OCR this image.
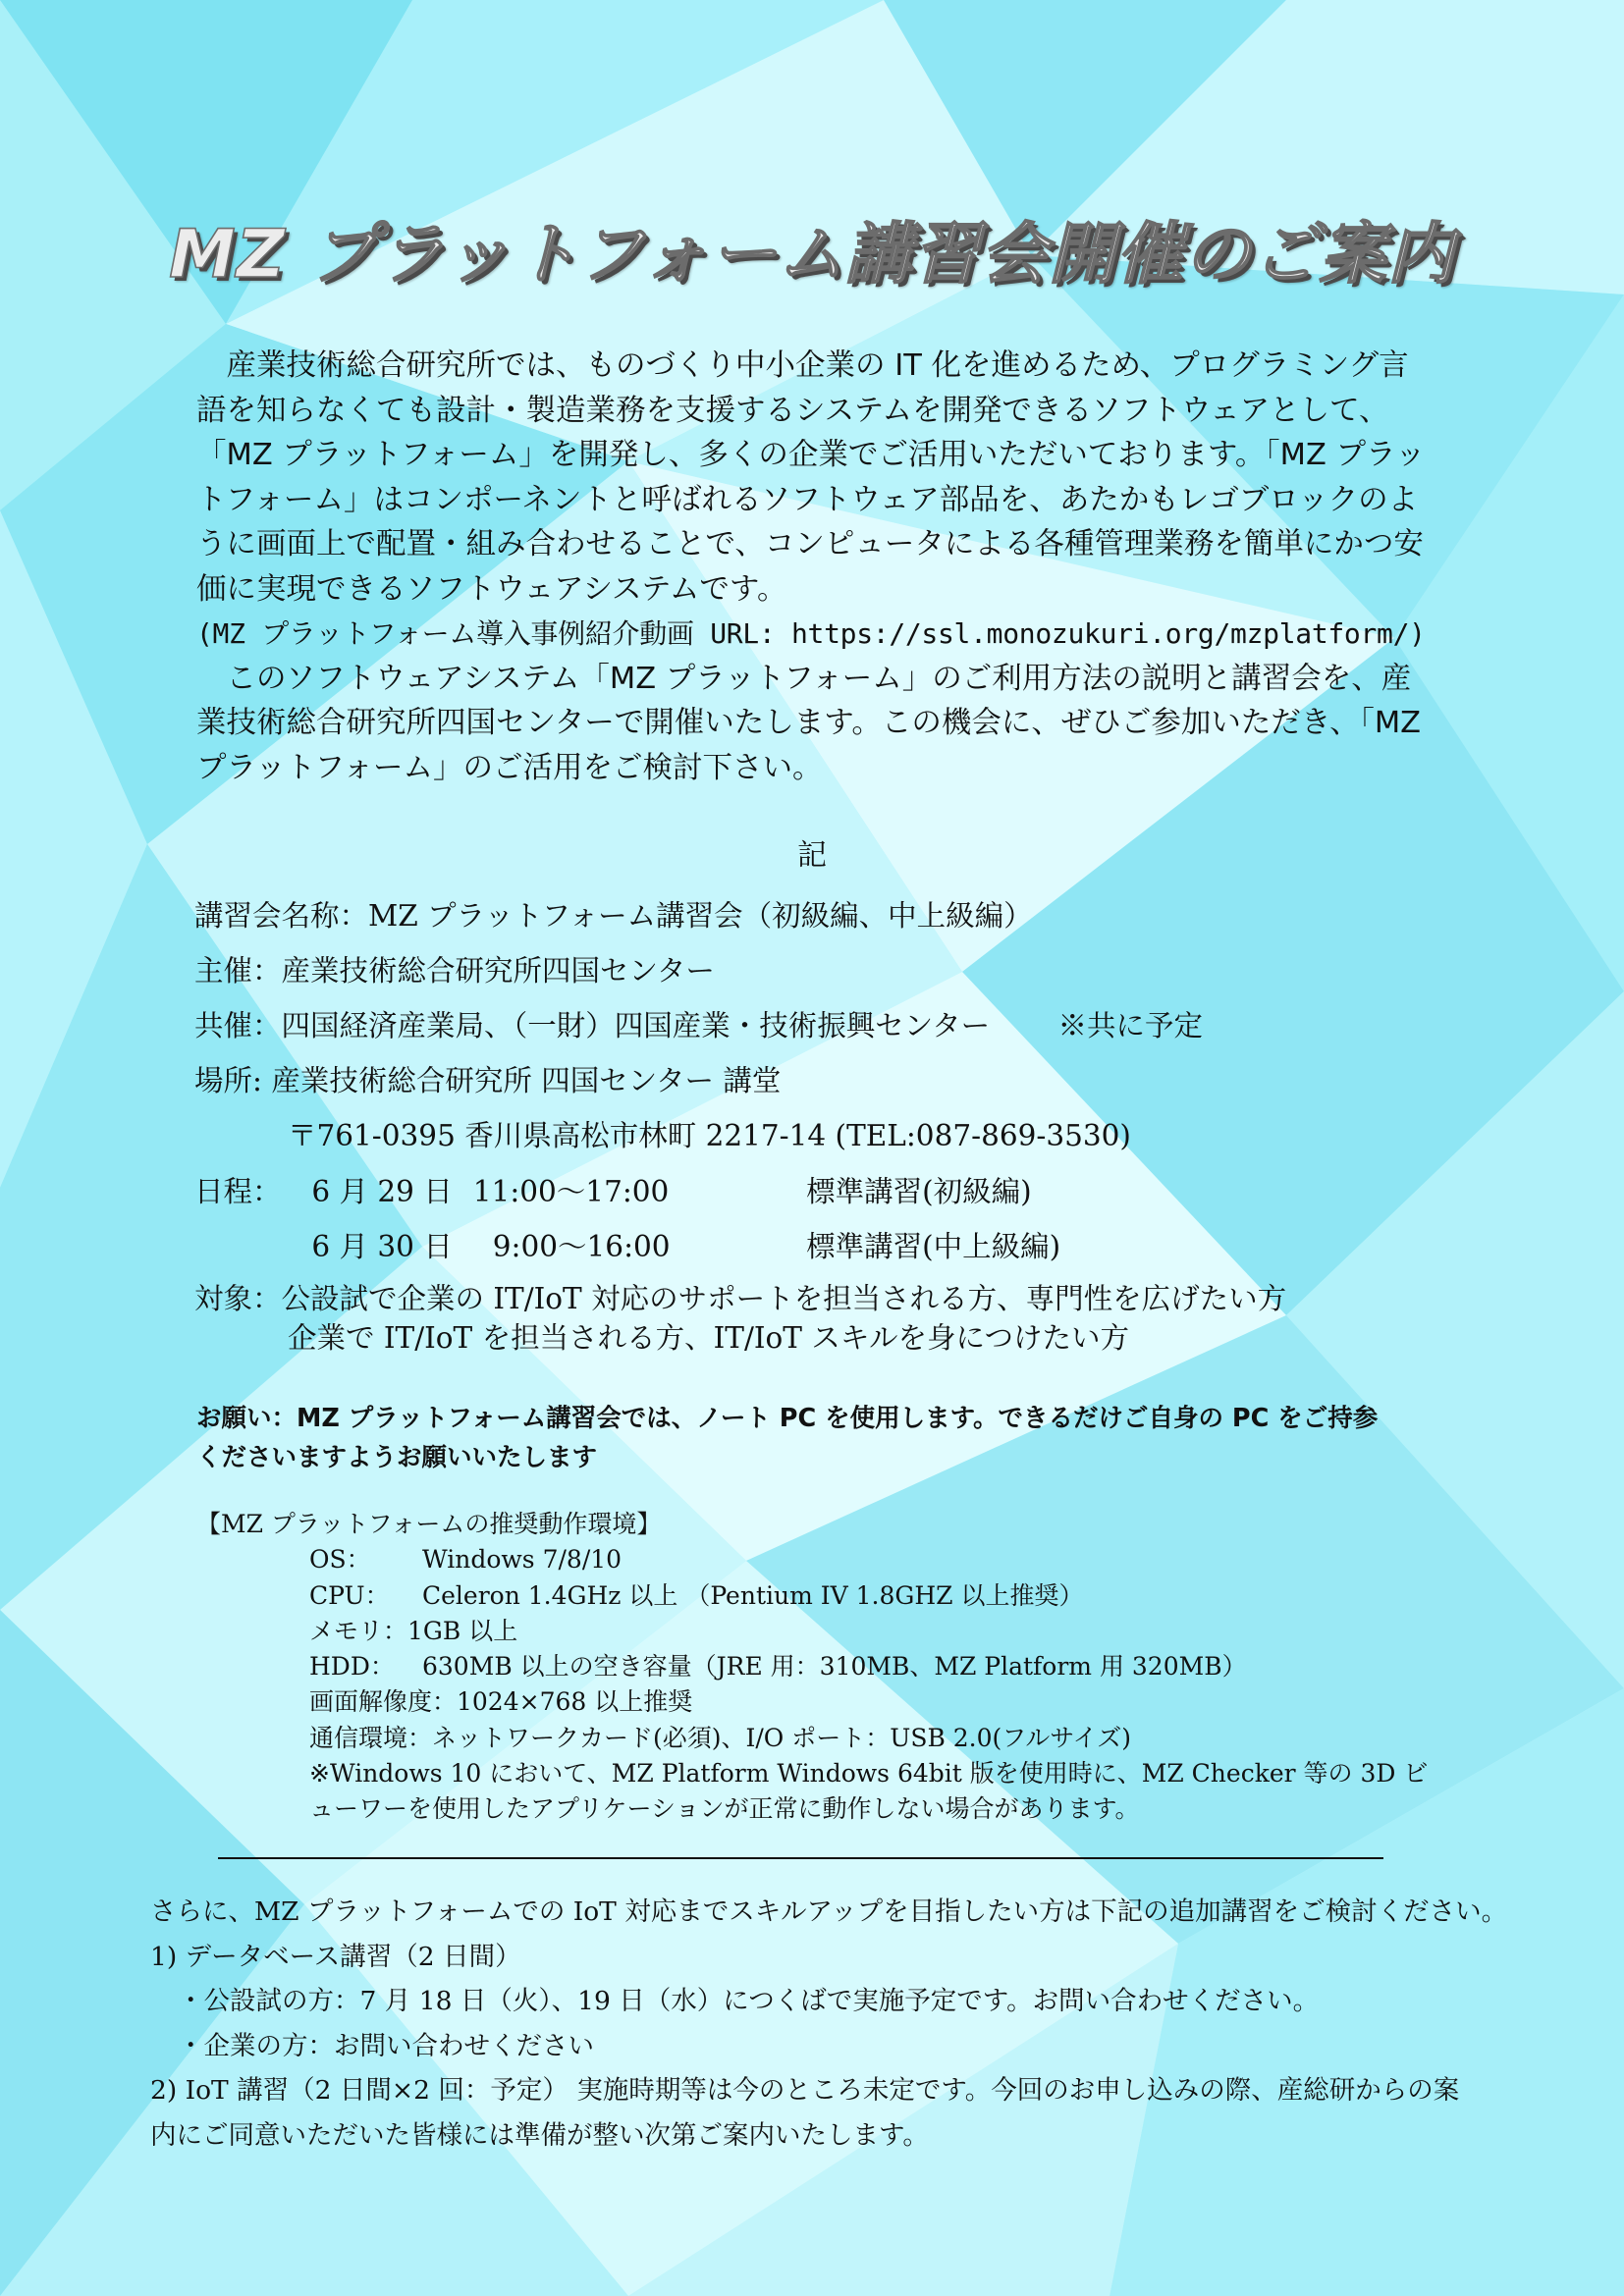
MZ プラットフォーム講習会開催のご案内

産業技術総合研究所では、ものづくり中小企業の IT 化を進めるため、プログラミング言語を知らなくても設計・製造業務を支援するシステムを開発できるソフトウェアとして、「MZ プラットフォーム」を開発し、多くの企業でご活用いただいております。「MZ プラットフォーム」はコンポーネントと呼ばれるソフトウェア部品を、あたかもレゴブロックのように画面上で配置・組み合わせることで、コンピュータによる各種管理業務を簡単にかつ安価に実現できるソフトウェアシステムです。

(MZ プラットフォーム導入事例紹介動画 URL: https://ssl.monozukuri.org/mzplatform/)

このソフトウェアシステム「MZ プラットフォーム」のご利用方法の説明と講習会を、産業技術総合研究所四国センターで開催いたします。この機会に、ぜひご参加いただき、「MZ プラットフォーム」のご活用をご検討下さい。

記
講習会名称：MZ プラットフォーム講習会（初級編、中上級編）
主催：産業技術総合研究所四国センター
共催：四国経済産業局、（一財）四国産業・技術振興センター ※共に予定
場所: 産業技術総合研究所 四国センター 講堂
〒761-0395 香川県高松市林町 2217-14 (TEL:087-869-3530)
日程： 6 月 29 日 11:00～17:00	標準講習(初級編)
6 月 30 日 9:00～16:00	標準講習(中上級編)
対象：公設試で企業の IT/IoT 対応のサポートを担当される方、専門性を広げたい方
企業で IT/IoT を担当される方、IT/IoT スキルを身につけたい方
お願い：MZ プラットフォーム講習会では、ノート PC を使用します。できるだけご自身の PC をご持参
くださいますようお願いいたします
【MZ プラットフォームの推奨動作環境】
OS： Windows 7/8/10
CPU： Celeron 1.4GHz 以上 （Pentium IV 1.8GHZ 以上推奨）
メモリ：1GB 以上
HDD： 630MB 以上の空き容量（JRE 用：310MB、MZ Platform 用 320MB）
画面解像度：1024×768 以上推奨
通信環境：ネットワークカード(必須)、I/O ポート：USB 2.0(フルサイズ)
※Windows 10 において、MZ Platform Windows 64bit 版を使用時に、MZ Checker 等の 3D ビ
ューワーを使用したアプリケーションが正常に動作しない場合があります。
さらに、MZ プラットフォームでの IoT 対応までスキルアップを目指したい方は下記の追加講習をご検討ください。
1) データベース講習（2 日間）
・公設試の方：7 月 18 日（火）、19 日（水）につくばで実施予定です。お問い合わせください。
・企業の方：お問い合わせください
2) IoT 講習（2 日間×2 回：予定） 実施時期等は今のところ未定です。今回のお申し込みの際、産総研からの案
内にご同意いただいた皆様には準備が整い次第ご案内いたします。
